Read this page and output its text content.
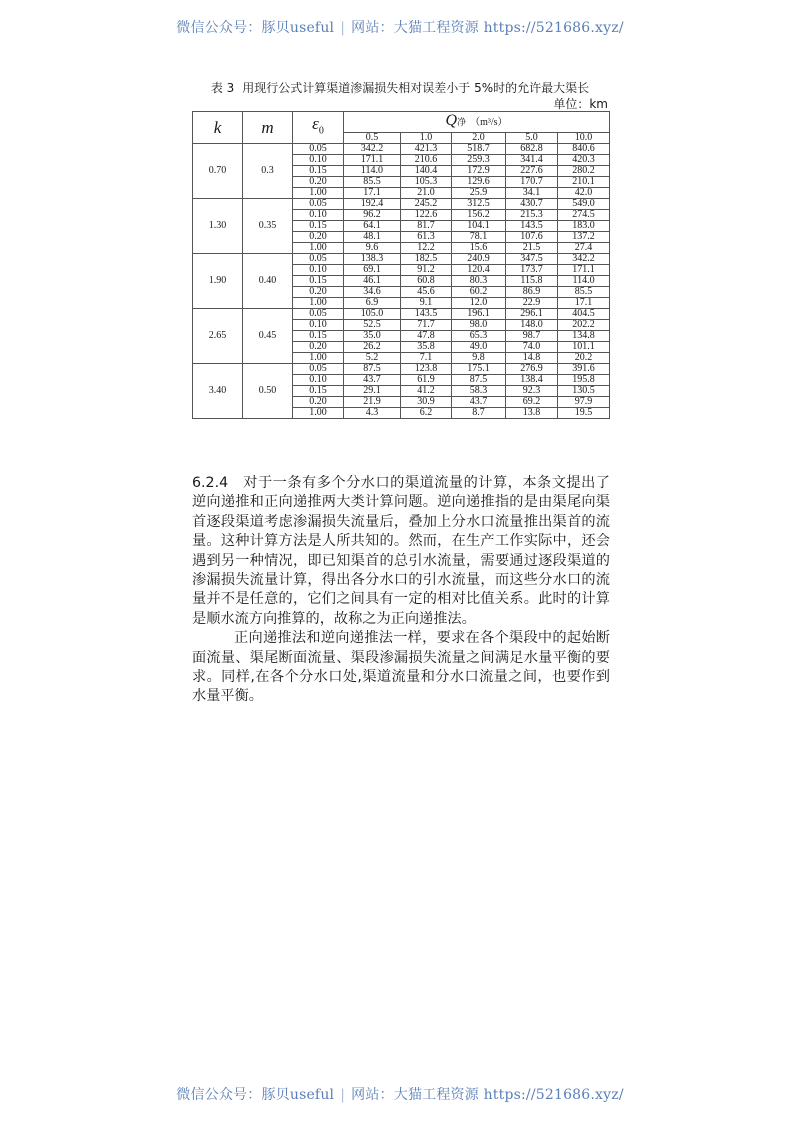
微信公众号：豚贝useful | 网站：大猫工程资源 https://521686.xyz/
表 3 用现行公式计算渠道渗漏损失相对误差小于 5%时的允许最大渠长
单位：km
k	m	$\varepsilon_0$	Q净 （m³/s）				
			0.5	1.0	2.0	5.0	10.0
0.70	0.3	0.05	342.2	421.3	518.7	682.8	840.6
		0.10	171.1	210.6	259.3	341.4	420.3
		0.15	114.0	140.4	172.9	227.6	280.2
		0.20	85.5	105.3	129.6	170.7	210.1
		1.00	17.1	21.0	25.9	34.1	42.0
1.30	0.35	0.05	192.4	245.2	312.5	430.7	549.0
		0.10	96.2	122.6	156.2	215.3	274.5
		0.15	64.1	81.7	104.1	143.5	183.0
		0.20	48.1	61.3	78.1	107.6	137.2
		1.00	9.6	12.2	15.6	21.5	27.4
1.90	0.40	0.05	138.3	182.5	240.9	347.5	342.2
		0.10	69.1	91.2	120.4	173.7	171.1
		0.15	46.1	60.8	80.3	115.8	114.0
		0.20	34.6	45.6	60.2	86.9	85.5
		1.00	6.9	9.1	12.0	22.9	17.1
2.65	0.45	0.05	105.0	143.5	196.1	296.1	404.5
		0.10	52.5	71.7	98.0	148.0	202.2
		0.15	35.0	47.8	65.3	98.7	134.8
		0.20	26.2	35.8	49.0	74.0	101.1
		1.00	5.2	7.1	9.8	14.8	20.2
3.40	0.50	0.05	87.5	123.8	175.1	276.9	391.6
		0.10	43.7	61.9	87.5	138.4	195.8
		0.15	29.1	41.2	58.3	92.3	130.5
		0.20	21.9	30.9	43.7	69.2	97.9
		1.00	4.3	6.2	8.7	13.8	19.5

6.2.4　对于一条有多个分水口的渠道流量的计算，本条文提出了逆向递推和正向递推两大类计算问题。逆向递推指的是由渠尾向渠首逐段渠道考虑渗漏损失流量后，叠加上分水口流量推出渠首的流量。这种计算方法是人所共知的。然而，在生产工作实际中，还会遇到另一种情况，即已知渠首的总引水流量，需要通过逐段渠道的渗漏损失流量计算，得出各分水口的引水流量，而这些分水口的流量并不是任意的，它们之间具有一定的相对比值关系。此时的计算是顺水流方向推算的，故称之为正向递推法。

正向递推法和逆向递推法一样，要求在各个渠段中的起始断面流量、渠尾断面流量、渠段渗漏损失流量之间满足水量平衡的要求。同样,在各个分水口处,渠道流量和分水口流量之间，也要作到水量平衡。

微信公众号：豚贝useful | 网站：大猫工程资源 https://521686.xyz/
